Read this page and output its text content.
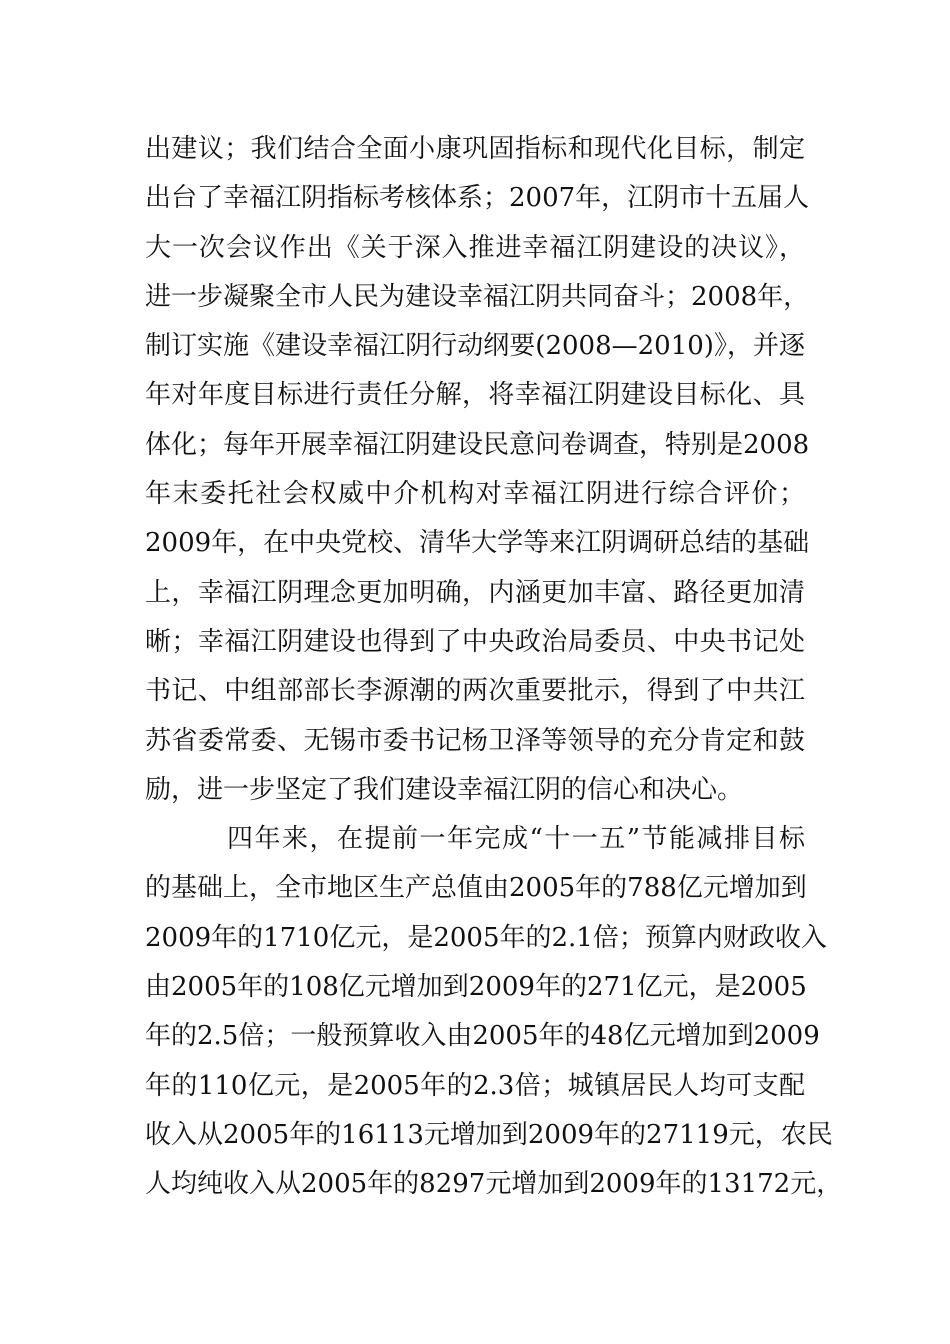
出建议；我们结合全面小康巩固指标和现代化目标，制定
出台了幸福江阴指标考核体系；2007年，江阴市十五届人
大一次会议作出《关于深入推进幸福江阴建设的决议》，
进一步凝聚全市人民为建设幸福江阴共同奋斗；2008年，
制订实施《建设幸福江阴行动纲要(2008—2010)》，并逐
年对年度目标进行责任分解，将幸福江阴建设目标化、具
体化；每年开展幸福江阴建设民意问卷调查，特别是2008
年末委托社会权威中介机构对幸福江阴进行综合评价；
2009年，在中央党校、清华大学等来江阴调研总结的基础
上，幸福江阴理念更加明确，内涵更加丰富、路径更加清
晰；幸福江阴建设也得到了中央政治局委员、中央书记处
书记、中组部部长李源潮的两次重要批示，得到了中共江
苏省委常委、无锡市委书记杨卫泽等领导的充分肯定和鼓
励，进一步坚定了我们建设幸福江阴的信心和决心。
四年来，在提前一年完成“十一五”节能减排目标
的基础上，全市地区生产总值由2005年的788亿元增加到
2009年的1710亿元，是2005年的2.1倍；预算内财政收入
由2005年的108亿元增加到2009年的271亿元，是2005
年的2.5倍；一般预算收入由2005年的48亿元增加到2009
年的110亿元，是2005年的2.3倍；城镇居民人均可支配
收入从2005年的16113元增加到2009年的27119元，农民
人均纯收入从2005年的8297元增加到2009年的13172元，
